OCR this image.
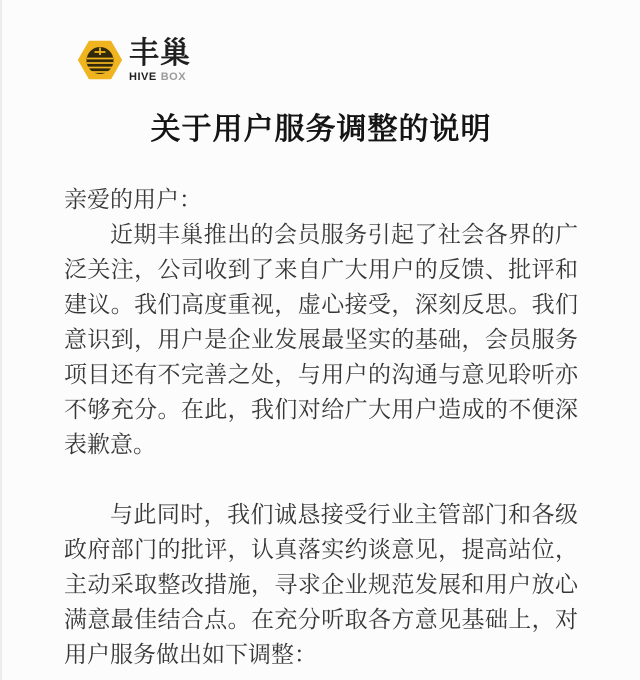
丰巢
HIVE BOX
关于用户服务调整的说明

亲爱的用户：

近期丰巢推出的会员服务引起了社会各界的广泛关注，公司收到了来自广大用户的反馈、批评和建议。我们高度重视，虚心接受，深刻反思。我们意识到，用户是企业发展最坚实的基础，会员服务项目还有不完善之处，与用户的沟通与意见聆听亦不够充分。在此，我们对给广大用户造成的不便深表歉意。

与此同时，我们诚恳接受行业主管部门和各级政府部门的批评，认真落实约谈意见，提高站位，主动采取整改措施，寻求企业规范发展和用户放心满意最佳结合点。在充分听取各方意见基础上，对用户服务做出如下调整：
